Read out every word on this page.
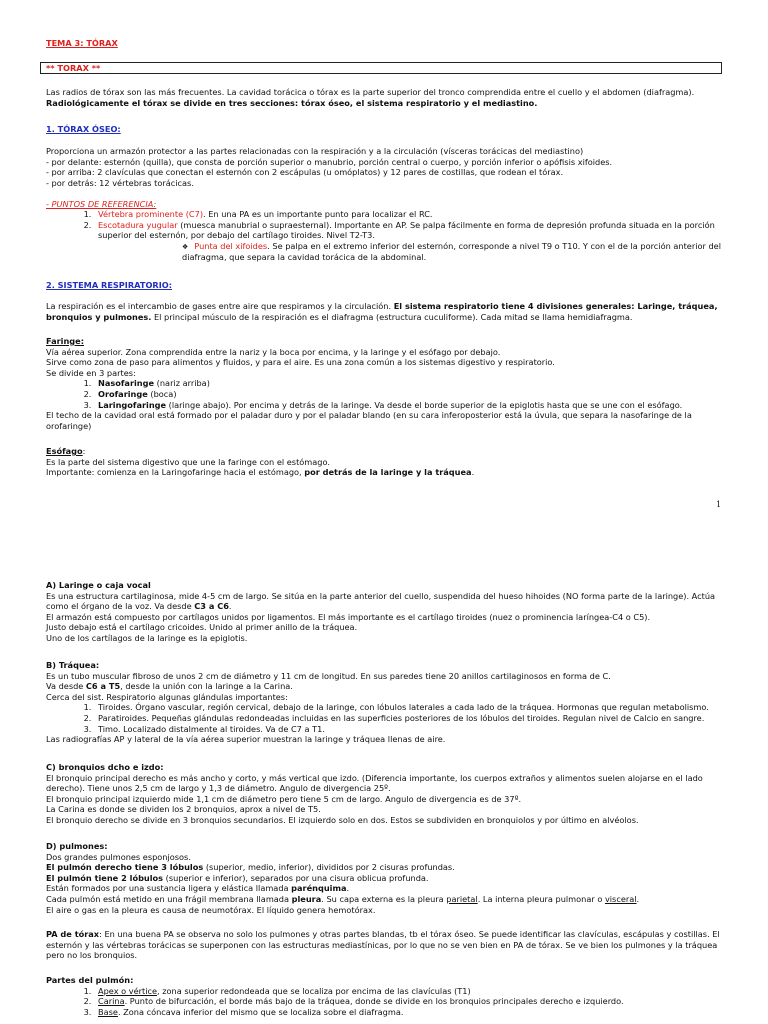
TEMA 3: TÓRAX
** TORAX **

Las radios de tórax son las más frecuentes. La cavidad torácica o tórax es la parte superior del tronco comprendida entre el cuello y el abdomen (diafragma).

Radiológicamente el tórax se divide en tres secciones: tórax óseo, el sistema respiratorio y el mediastino.

1. TÓRAX ÓSEO:

Proporciona un armazón protector a las partes relacionadas con la respiración y a la circulación (vísceras torácicas del mediastino)

- por delante: esternón (quilla), que consta de porción superior o manubrio, porción central o cuerpo, y porción inferior o apófisis xifoides.

- por arriba: 2 clavículas que conectan el esternón con 2 escápulas (u omóplatos) y 12 pares de costillas, que rodean el tórax.

- por detrás: 12 vértebras torácicas.

- PUNTOS DE REFERENCIA:

1. Vértebra prominente (C7). En una PA es un importante punto para localizar el RC.
2. Escotadura yugular (muesca manubrial o supraesternal). Importante en AP. Se palpa fácilmente en forma de depresión profunda situada en la porción superior del esternón, por debajo del cartílago tiroides. Nivel T2-T3.
❖ Punta del xifoides. Se palpa en el extremo inferior del esternón, corresponde a nivel T9 o T10. Y con el de la porción anterior del diafragma, que separa la cavidad torácica de la abdominal.
2. SISTEMA RESPIRATORIO:

La respiración es el intercambio de gases entre aire que respiramos y la circulación. El sistema respiratorio tiene 4 divisiones generales: Laringe, tráquea, bronquios y pulmones. El principal músculo de la respiración es el diafragma (estructura cuculiforme). Cada mitad se llama hemidiafragma.

Faringe:

Vía aérea superior. Zona comprendida entre la nariz y la boca por encima, y la laringe y el esófago por debajo.

Sirve como zona de paso para alimentos y fluidos, y para el aire. Es una zona común a los sistemas digestivo y respiratorio.

Se divide en 3 partes:

1. Nasofaringe (nariz arriba)
2. Orofaringe (boca)
3. Laringofaringe (laringe abajo). Por encima y detrás de la laringe. Va desde el borde superior de la epiglotis hasta que se une con el esófago.

El techo de la cavidad oral está formado por el paladar duro y por el paladar blando (en su cara inferoposterior está la úvula, que separa la nasofaringe de la orofaringe)

Esófago:

Es la parte del sistema digestivo que une la faringe con el estómago.

Importante: comienza en la Laringofaringe hacia el estómago, por detrás de la laringe y la tráquea.

1

A) Laringe o caja vocal

Es una estructura cartilaginosa, mide 4-5 cm de largo. Se sitúa en la parte anterior del cuello, suspendida del hueso hihoides (NO forma parte de la laringe). Actúa como el órgano de la voz. Va desde C3 a C6.

El armazón está compuesto por cartílagos unidos por ligamentos. El más importante es el cartílago tiroides (nuez o prominencia laríngea-C4 o C5).

Justo debajo está el cartílago cricoides. Unido al primer anillo de la tráquea.

Uno de los cartílagos de la laringe es la epiglotis.

B) Tráquea:

Es un tubo muscular fibroso de unos 2 cm de diámetro y 11 cm de longitud. En sus paredes tiene 20 anillos cartilaginosos en forma de C.

Va desde C6 a T5, desde la unión con la laringe a la Carina.

Cerca del sist. Respiratorio algunas glándulas importantes:

1. Tiroides. Órgano vascular, región cervical, debajo de la laringe, con lóbulos laterales a cada lado de la tráquea. Hormonas que regulan metabolismo.
2. Paratiroides. Pequeñas glándulas redondeadas incluidas en las superficies posteriores de los lóbulos del tiroides. Regulan nivel de Calcio en sangre.
3. Timo. Localizado distalmente al tiroides. Va de C7 a T1.

Las radiografías AP y lateral de la vía aérea superior muestran la laringe y tráquea llenas de aire.

C) bronquios dcho e izdo:

El bronquio principal derecho es más ancho y corto, y más vertical que izdo. (Diferencia importante, los cuerpos extraños y alimentos suelen alojarse en el lado derecho). Tiene unos 2,5 cm de largo y 1,3 de diámetro. Angulo de divergencia 25º.

El bronquio principal izquierdo mide 1,1 cm de diámetro pero tiene 5 cm de largo. Angulo de divergencia es de 37º.

La Carina es donde se dividen los 2 bronquios, aprox a nivel de T5.

El bronquio derecho se divide en 3 bronquios secundarios. El izquierdo solo en dos. Estos se subdividen en bronquiolos y por último en alvéolos.

D) pulmones:

Dos grandes pulmones esponjosos.

El pulmón derecho tiene 3 lóbulos (superior, medio, inferior), divididos por 2 cisuras profundas.

El pulmón tiene 2 lóbulos (superior e inferior), separados por una cisura oblicua profunda.

Están formados por una sustancia ligera y elástica llamada parénquima.

Cada pulmón está metido en una frágil membrana llamada pleura. Su capa externa es la pleura parietal. La interna pleura pulmonar o visceral.

El aire o gas en la pleura es causa de neumotórax. El líquido genera hemotórax.

PA de tórax: En una buena PA se observa no solo los pulmones y otras partes blandas, tb el tórax óseo. Se puede identificar las clavículas, escápulas y costillas. El esternón y las vértebras torácicas se superponen con las estructuras mediastínicas, por lo que no se ven bien en PA de tórax. Se ve bien los pulmones y la tráquea pero no los bronquios.

Partes del pulmón:

1. Apex o vértice, zona superior redondeada que se localiza por encima de las clavículas (T1)
2. Carina. Punto de bifurcación, el borde más bajo de la tráquea, donde se divide en los bronquios principales derecho e izquierdo.
3. Base. Zona cóncava inferior del mismo que se localiza sobre el diafragma.
